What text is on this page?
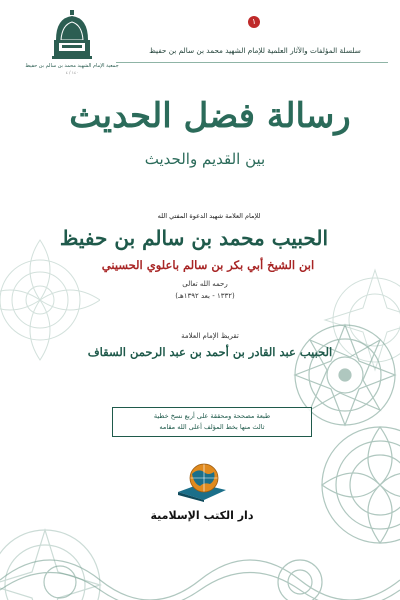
جمعية الإمام الشهيد محمد بن سالم بن حفيظ
١٤٠ / ٤
١
سلسلة المؤلفات والآثار العلمية للإمام الشهيد محمد بن سالم بن حفيظ
رسالة فضل الحديث
بين القديم والحديث
للإمام العلامة شهيد الدعوة المفتي الله
الحبيب محمد بن سالم بن حفيظ
ابن الشيخ أبي بكر بن سالم باعلوي الحسيني
رحمه الله تعالى
(١٣٣٢ - بعد ١٣٩٢هـ)
تقريظ الإمام العلامة
الحبيب عبد القادر بن أحمد بن عبد الرحمن السقاف
طبعة مصححة ومحققة على أربع نسخ خطية
ثالث منها بخط المؤلف أعلى الله مقامه
دار الكتب الإسلامية
